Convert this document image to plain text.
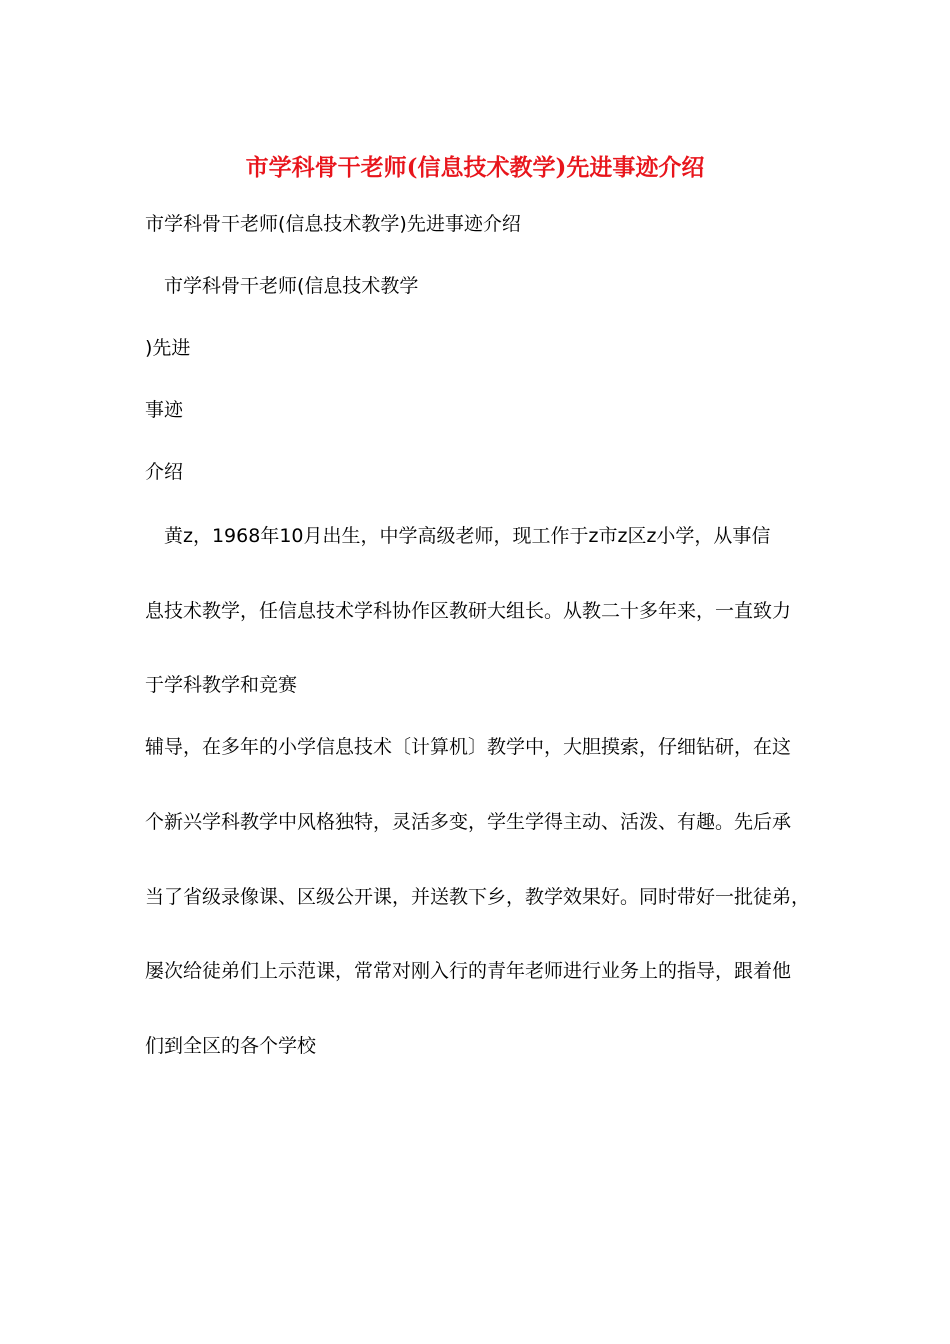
市学科骨干老师(信息技术教学)先进事迹介绍
市学科骨干老师(信息技术教学)先进事迹介绍
　市学科骨干老师(信息技术教学
)先进
事迹
介绍
　黄z，1968年10月出生，中学高级老师，现工作于z市z区z小学，从事信
息技术教学，任信息技术学科协作区教研大组长。从教二十多年来，一直致力
于学科教学和竞赛
辅导，在多年的小学信息技术〔计算机〕教学中，大胆摸索，仔细钻研，在这
个新兴学科教学中风格独特，灵活多变，学生学得主动、活泼、有趣。先后承
当了省级录像课、区级公开课，并送教下乡，教学效果好。同时带好一批徒弟，
屡次给徒弟们上示范课，常常对刚入行的青年老师进行业务上的指导，跟着他
们到全区的各个学校
